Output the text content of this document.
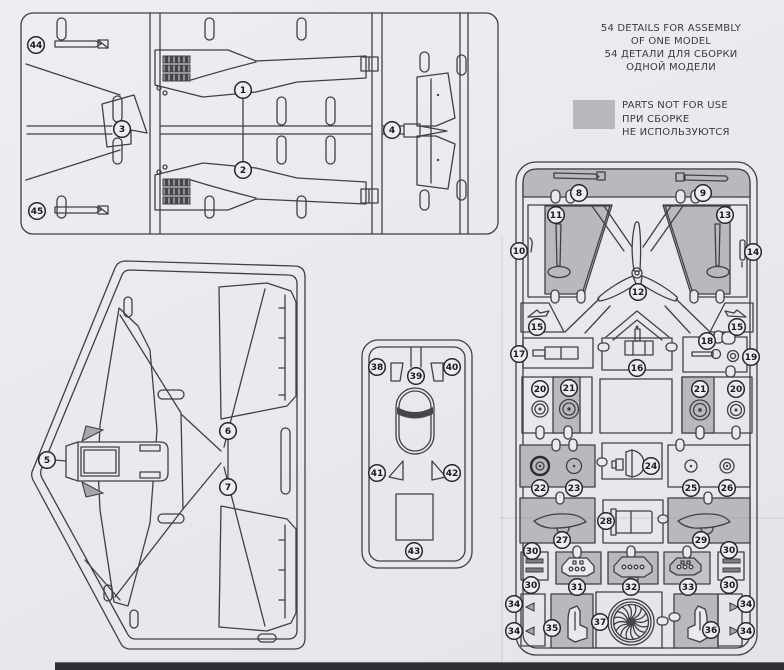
44
3
45
1
2
4
5
6
7
38
39
40
41	42
43
8	9
10
11
12
13
14
15	15
16
17
18
19
20 21	21	20
22 23
24
25	26
27
28
29
30
30
30
30
31	32	33
34
34
34
34
35	36
37
54 DETAILS FOR ASSEMBLY
OF ONE MODEL
54 ДЕТАЛИ ДЛЯ СБОРКИ
ОДНОЙ МОДЕЛИ
PARTS NOT FOR USE
ПРИ СБОРКЕ
НЕ ИСПОЛЬЗУЮТСЯ
